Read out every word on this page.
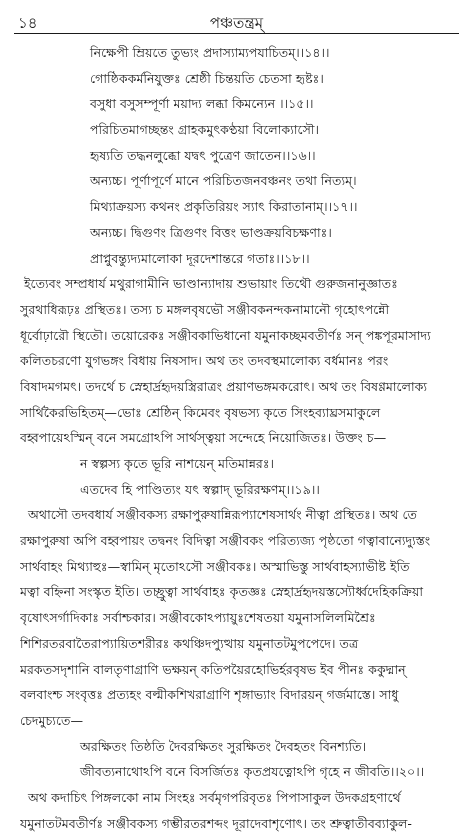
১৪	পঞ্চতন্ত্রম্
নিক্ষেপী ম্রিয়তে তুভ্যং প্রদাস্যাম্যপযাচিতম্।।১৪।।
গোষ্ঠিককর্মনিযুক্তঃ শ্রেষ্ঠী চিন্তয়তি চেতসা হৃষ্টঃ।
বসুধা বসুসম্পূর্ণা ময়াদ্য লব্ধা কিমন্যেন ।।১৫।।
পরিচিতমাগচ্ছন্তং গ্রাহকমুৎকণ্ঠয়া বিলোক্যাসৌ।
হৃষ্যতি তদ্ধনলুব্ধো যদ্বৎ পুত্রেণ জাতেন।।১৬।।
অন্যচ্চ। পূর্ণাপূর্ণে মানে পরিচিতজনবঞ্চনং তথা নিত্যম্।
মিথ্যাক্রয়স্য কথনং প্রকৃতিরিয়ং স্যাৎ কিরাতানাম্।।১৭।।
অন্যচ্চ। দ্বিগুণং ত্রিগুণং বিত্তং ভাণ্ডক্রয়বিচক্ষণাঃ।
প্রাপ্নুবন্ত্যুদ্যমালোকা দূরদেশান্তরে গতাঃ।।১৮।।
ইত্যেবং সম্প্রধার্য মথুরাগামীনি ভাণ্ডান্যাদায় শুভায়াং তিথৌ গুরুজনানুজ্ঞাতঃ
সুরথাধিরূঢ়ঃ প্রস্থিতঃ। তস্য চ মঙ্গলবৃষভৌ সঞ্জীবকনন্দকনামানৌ গৃহোৎপন্নৌ
ধূর্বোঢ়ারৌ স্থিতৌ। তয়োরেকঃ সঞ্জীবকাভিধানো যমুনাকচ্ছমবতীর্ণঃ সন্ পঙ্কপূরমাসাদ্য
কলিতচরণো যুগভঙ্গং বিধায় নিষসাদ। অথ তং তদবস্থমালোক্য বর্ধমানঃ পরং
বিষাদমগমৎ। তদর্থে চ স্নেহার্দ্রহৃদয়স্ত্রিরাত্রং প্রয়াণভঙ্গমকরোৎ। অথ তং বিষণ্ণমালোক্য
সার্থিকৈরভিহিতম্—ভোঃ শ্রেষ্ঠিন্ কিমেবং বৃষভস্য কৃতে সিংহব্যাঘ্রসমাকুলে
বহ্বপায়েঽস্মিন্ বনে সমগ্রোঽপি সার্থস্ত্বয়া সন্দেহে নিয়োজিতঃ। উক্তং চ—
ন স্বল্পস্য কৃতে ভূরি নাশয়েন্ মতিমান্নরঃ।
এতদেব হি পাণ্ডিত্যং যৎ স্বল্পাদ্ ভূরিরক্ষণম্।।১৯।।
অথাসৌ তদবধার্য সঞ্জীবকস্য রক্ষাপুরুষান্নিরূপ্যাশেষসার্থং নীত্বা প্রস্থিতঃ। অথ তে
রক্ষাপুরুষা অপি বহ্বপায়ং তদ্বনং বিদিত্বা সঞ্জীবকং পরিত্যজ্য পৃষ্ঠতো গত্বাবান্যেদ্যুস্তং
সার্থবাহং মিথ্যাহুঃ—স্বামিন্ মৃতোঽসৌ সঞ্জীবকঃ। অস্মাভিস্তু সার্থবাহস্যাভীষ্ট ইতি
মত্বা বহ্নিনা সংস্কৃত ইতি। তচ্ছ্রুত্বা সার্থবাহঃ কৃতজ্ঞঃ স্নেহার্দ্রহৃদয়স্তস্যৌর্ধ্বদেহিকক্রিয়া
বৃষোৎসর্গাদিকাঃ সর্বাশ্চকার। সঞ্জীবকোঽপ্যায়ুঃশেষতয়া যমুনাসলিলমিশ্রৈঃ
শিশিরতরবাতৈরাপ্যায়িতশরীরঃ কথঞ্চিদপ্যুত্থায় যমুনাতটমুপপেদে। তত্র
মরকতসদৃশানি বালতৃণাগ্রাণি ভক্ষয়ন্ কতিপয়ৈরহোভির্হরবৃষভ ইব পীনঃ ককুদ্মান্
বলবাংশ্চ সংবৃত্তঃ প্রত্যহং বল্মীকশিখরাগ্রাণি শৃঙ্গাভ্যাং বিদারয়ন্ গর্জমাস্তে। সাধু
চেদমুচ্যতে—
অরক্ষিতং তিষ্ঠতি দৈবরক্ষিতং সুরক্ষিতং দৈবহতং বিনশ্যতি।
জীবত্যনাথোঽপি বনে বিসর্জিতঃ কৃতপ্রযত্নোঽপি গৃহে ন জীবতি।।২০।।
অথ কদাচিৎ পিঙ্গলকো নাম সিংহঃ সর্বমৃগপরিবৃতঃ পিপাসাকুল উদকগ্রহণার্থে
যমুনাতটমবতীর্ণঃ সঞ্জীবকস্য গম্ভীরতরশব্দং দূরাদেবাশৃণোৎ। তং শ্রুত্বাতীবব্যাকুল-
